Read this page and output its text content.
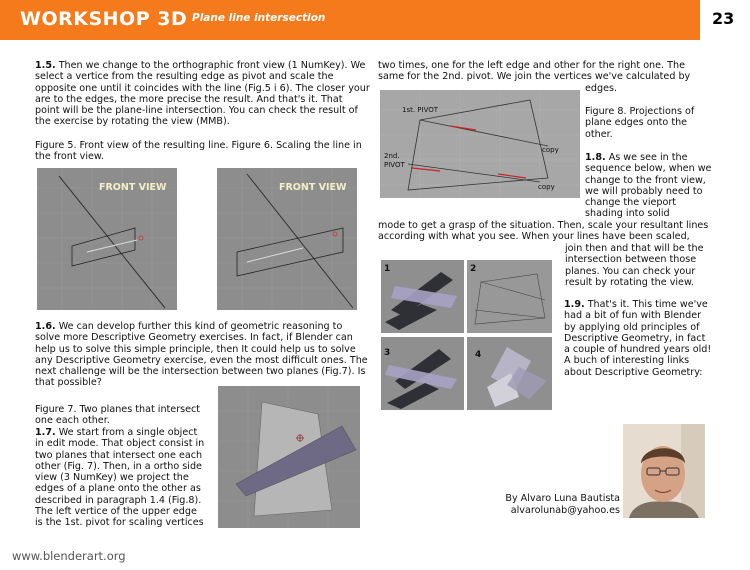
WORKSHOP 3D Plane line intersection	23

1.5. Then we change to the orthographic front view (1 NumKey). We select a vertice from the resulting edge as pivot and scale the opposite one until it coincides with the line (Fig.5 i 6). The closer your are to the edges, the more precise the result. And that's it. That point will be the plane-line intersection. You can check the result of the exercise by rotating the view (MMB).

Figure 5. Front view of the resulting line. Figure 6. Scaling the line in the front view.

FRONT VIEW	FRONT VIEW

1.6. We can develop further this kind of geometric reasoning to solve more Descriptive Geometry exercises. In fact, if Blender can help us to solve this simple principle, then It could help us to solve any Descriptive Geometry exercise, even the most difficult ones. The next challenge will be the intersection between two planes (Fig.7). Is that possible?

Figure 7. Two planes that intersect one each other.

1.7. We start from a single object in edit mode. That object consist in two planes that intersect one each other (Fig. 7). Then, in a ortho side view (3 NumKey) we project the edges of a plane onto the other as described in paragraph 1.4 (Fig.8). The left vertice of the upper edge is the 1st. pivot for scaling vertices

two times, one for the left edge and other for the right one. The same for the 2nd. pivot. We join the vertices we've calculated by

1st. PIVOT
2nd.
PIVOT
copy
copy

edges.

Figure 8. Projections of plane edges onto the other.

1.8. As we see in the sequence below, when we change to the front view, we will probably need to change the vieport shading into solid

mode to get a grasp of the situation. Then, scale your resultant lines according with what you see. When your lines have been scaled,

join then and that will be the intersection between those planes. You can check your result by rotating the view.

1	2
3	4

1.9. That's it. This time we've had a bit of fun with Blender by applying old principles of Descriptive Geometry, in fact a couple of hundred years old! A buch of interesting links about Descriptive Geometry:

By Alvaro Luna Bautista
alvarolunab@yahoo.es
www.blenderart.org
